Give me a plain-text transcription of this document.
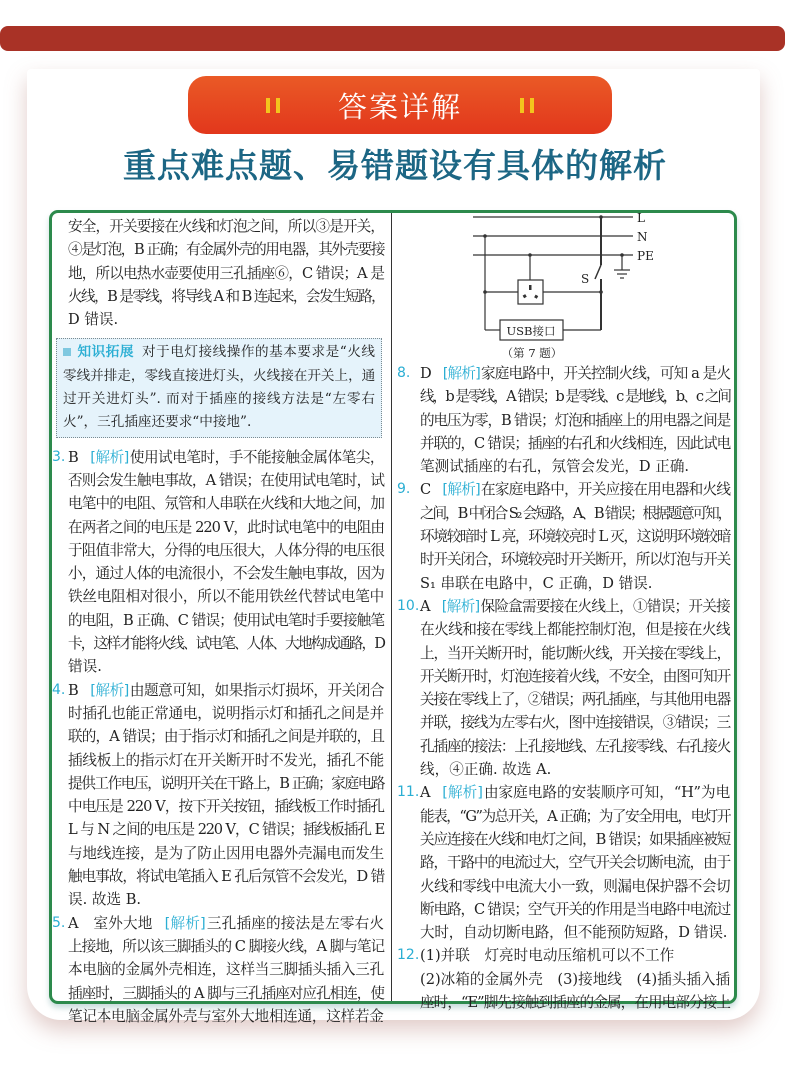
答案详解
重点难点题、易错题设有具体的解析
安全，开关要接在火线和灯泡之间，所以③是开关，
④是灯泡，B 正确；有金属外壳的用电器，其外壳要接
地，所以电热水壶要使用三孔插座⑥，C 错误；A 是
火线，B 是零线，将导线 A 和 B 连起来，会发生短路，
D 错误.
知识拓展 对于电灯接线操作的基本要求是“火线
零线并排走，零线直接进灯头，火线接在开关上，通
过开关进灯头”. 而对于插座的接线方法是“左零右
火”，三孔插座还要求“中接地”.
3. B [解析]使用试电笔时，手不能接触金属体笔尖，
否则会发生触电事故，A 错误；在使用试电笔时，试
电笔中的电阻、氖管和人串联在火线和大地之间，加
在两者之间的电压是 220 V，此时试电笔中的电阻由
于阻值非常大，分得的电压很大，人体分得的电压很
小，通过人体的电流很小，不会发生触电事故，因为
铁丝电阻相对很小，所以不能用铁丝代替试电笔中
的电阻，B 正确、C 错误；使用试电笔时手要接触笔
卡，这样才能将火线、试电笔、人体、大地构成通路，D
错误.
4. B [解析]由题意可知，如果指示灯损坏，开关闭合
时插孔也能正常通电，说明指示灯和插孔之间是并
联的，A 错误；由于指示灯和插孔之间是并联的，且
插线板上的指示灯在开关断开时不发光，插孔不能
提供工作电压，说明开关在干路上，B 正确；家庭电路
中电压是 220 V，按下开关按钮，插线板工作时插孔
L 与 N 之间的电压是 220 V，C 错误；插线板插孔 E
与地线连接，是为了防止因用电器外壳漏电而发生
触电事故，将试电笔插入 E 孔后氖管不会发光，D 错
误. 故选 B.
5. A　室外大地 [解析]三孔插座的接法是左零右火
上接地，所以该三脚插头的 C 脚接火线，A 脚与笔记
本电脑的金属外壳相连，这样当三脚插头插入三孔
插座时，三脚插头的 A 脚与三孔插座对应孔相连，使
笔记本电脑金属外壳与室外大地相连通，这样若金
L
N
PE
S
USB接口
（第 7 题）
8. D [解析]家庭电路中，开关控制火线，可知 a 是火
线，b 是零线，A 错误；b 是零线、c 是地线，b、c 之间
的电压为零，B 错误；灯泡和插座上的用电器之间是
并联的，C 错误；插座的右孔和火线相连，因此试电
笔测试插座的右孔，氖管会发光，D 正确.
9. C [解析]在家庭电路中，开关应接在用电器和火线
之间，B 中闭合 S₂ 会短路，A、B 错误；根据题意可知，
环境较暗时 L 亮，环境较亮时 L 灭，这说明环境较暗
时开关闭合，环境较亮时开关断开，所以灯泡与开关
S₁ 串联在电路中，C 正确，D 错误.
10. A [解析]保险盒需要接在火线上，①错误；开关接
在火线和接在零线上都能控制灯泡，但是接在火线
上，当开关断开时，能切断火线，开关接在零线上，
开关断开时，灯泡连接着火线，不安全，由图可知开
关接在零线上了，②错误；两孔插座，与其他用电器
并联，接线为左零右火，图中连接错误，③错误；三
孔插座的接法：上孔接地线、左孔接零线、右孔接火
线，④正确. 故选 A.
11. A [解析]由家庭电路的安装顺序可知，“H”为电
能表，“G”为总开关，A 正确；为了安全用电，电灯开
关应连接在火线和电灯之间，B 错误；如果插座被短
路，干路中的电流过大，空气开关会切断电流，由于
火线和零线中电流大小一致，则漏电保护器不会切
断电路，C 错误；空气开关的作用是当电路中电流过
大时，自动切断电路，但不能预防短路，D 错误.
12. (1)并联　灯亮时电动压缩机可以不工作
(2)冰箱的金属外壳　(3)接地线　(4)插头插入插
座时，“E”脚先接触到插座的金属，在用电部分接上
